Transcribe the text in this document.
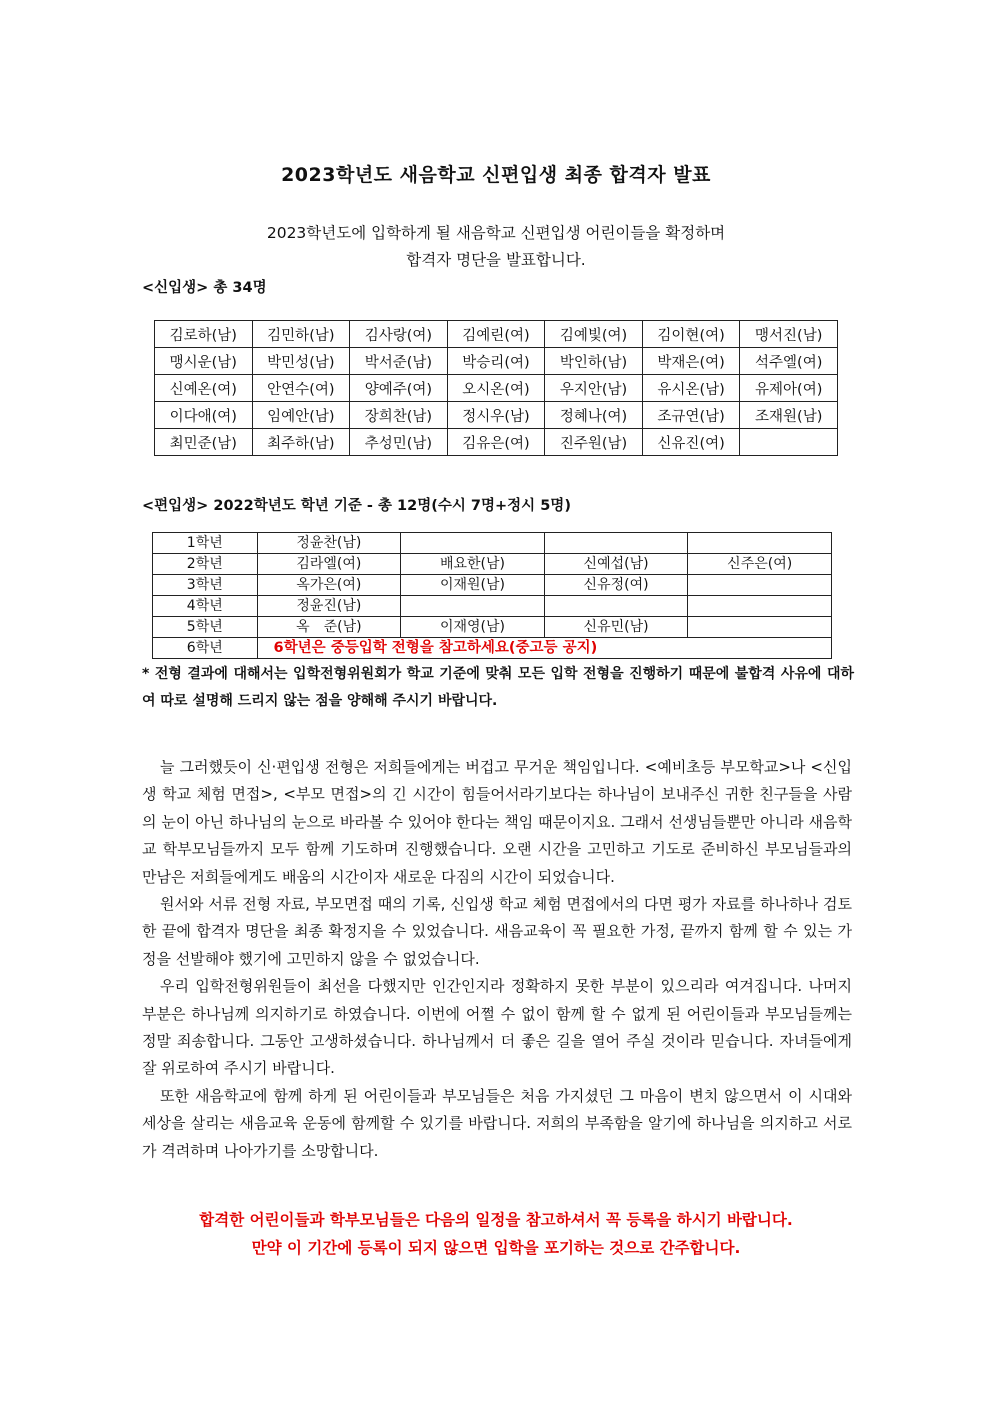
2023학년도 새음학교 신편입생 최종 합격자 발표
2023학년도에 입학하게 될 새음학교 신편입생 어린이들을 확정하며
합격자 명단을 발표합니다.
<신입생> 총 34명
김로하(남)	김민하(남)	김사랑(여)	김예린(여)	김예빛(여)	김이현(여)	맹서진(남)
맹시운(남)	박민성(남)	박서준(남)	박승리(여)	박인하(남)	박재은(여)	석주엘(여)
신예온(여)	안연수(여)	양예주(여)	오시온(여)	우지안(남)	유시온(남)	유제아(여)
이다애(여)	임예안(남)	장희찬(남)	정시우(남)	정혜나(여)	조규연(남)	조재원(남)
최민준(남)	최주하(남)	추성민(남)	김유은(여)	진주원(남)	신유진(여)	
<편입생> 2022학년도 학년 기준 - 총 12명(수시 7명+정시 5명)
1학년	정윤찬(남)			
2학년	김라엘(여)	배요한(남)	신예섭(남)	신주은(여)
3학년	옥가은(여)	이재원(남)	신유정(여)	
4학년	정윤진(남)			
5학년	옥　준(남)	이재영(남)	신유민(남)	
6학년	6학년은 중등입학 전형을 참고하세요(중고등 공지)			
* 전형 결과에 대해서는 입학전형위원회가 학교 기준에 맞춰 모든 입학 전형을 진행하기 때문에 불합격 사유에 대하여 따로 설명해 드리지 않는 점을 양해해 주시기 바랍니다.

늘 그러했듯이 신·편입생 전형은 저희들에게는 버겁고 무거운 책임입니다. <예비초등 부모학교>나 <신입생 학교 체험 면접>, <부모 면접>의 긴 시간이 힘들어서라기보다는 하나님이 보내주신 귀한 친구들을 사람의 눈이 아닌 하나님의 눈으로 바라볼 수 있어야 한다는 책임 때문이지요. 그래서 선생님들뿐만 아니라 새음학교 학부모님들까지 모두 함께 기도하며 진행했습니다. 오랜 시간을 고민하고 기도로 준비하신 부모님들과의 만남은 저희들에게도 배움의 시간이자 새로운 다짐의 시간이 되었습니다.

원서와 서류 전형 자료, 부모면접 때의 기록, 신입생 학교 체험 면접에서의 다면 평가 자료를 하나하나 검토한 끝에 합격자 명단을 최종 확정지을 수 있었습니다. 새음교육이 꼭 필요한 가정, 끝까지 함께 할 수 있는 가정을 선발해야 했기에 고민하지 않을 수 없었습니다.

우리 입학전형위원들이 최선을 다했지만 인간인지라 정확하지 못한 부분이 있으리라 여겨집니다. 나머지 부분은 하나님께 의지하기로 하였습니다. 이번에 어쩔 수 없이 함께 할 수 없게 된 어린이들과 부모님들께는 정말 죄송합니다. 그동안 고생하셨습니다. 하나님께서 더 좋은 길을 열어 주실 것이라 믿습니다. 자녀들에게 잘 위로하여 주시기 바랍니다.

또한 새음학교에 함께 하게 된 어린이들과 부모님들은 처음 가지셨던 그 마음이 변치 않으면서 이 시대와 세상을 살리는 새음교육 운동에 함께할 수 있기를 바랍니다. 저희의 부족함을 알기에 하나님을 의지하고 서로가 격려하며 나아가기를 소망합니다.

합격한 어린이들과 학부모님들은 다음의 일정을 참고하셔서 꼭 등록을 하시기 바랍니다.
만약 이 기간에 등록이 되지 않으면 입학을 포기하는 것으로 간주합니다.
